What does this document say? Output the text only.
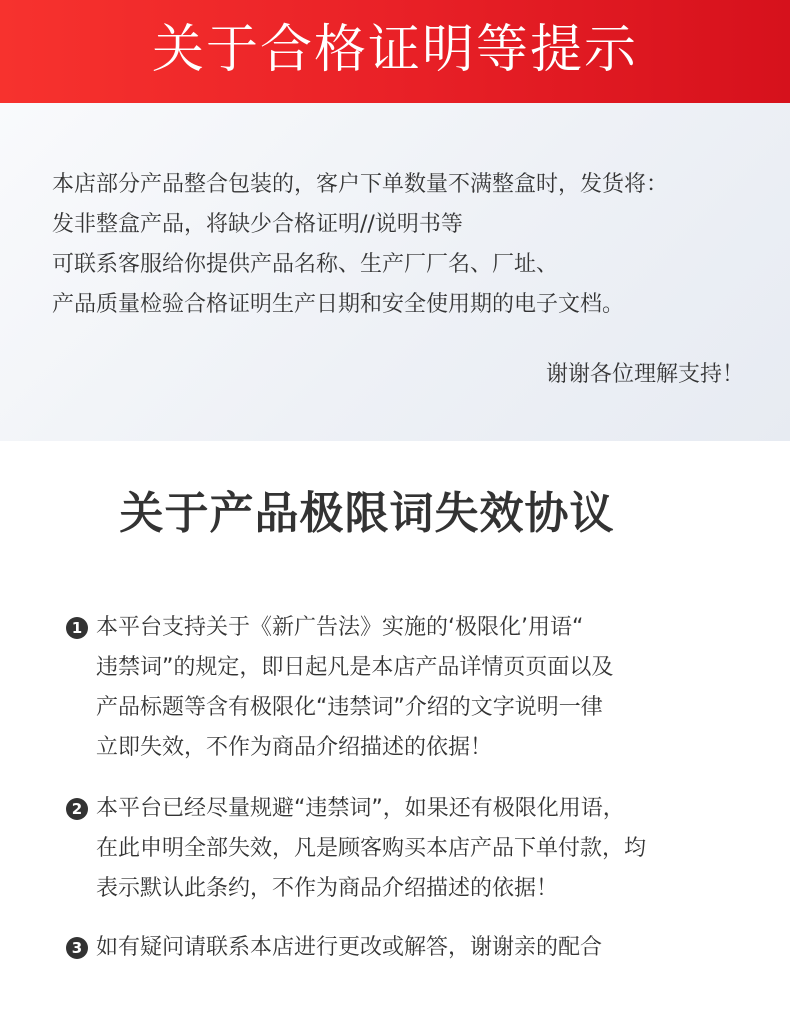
关于合格证明等提示
本店部分产品整合包装的，客户下单数量不满整盒时，发货将：
发非整盒产品，将缺少合格证明//说明书等
可联系客服给你提供产品名称、生产厂厂名、厂址、
产品质量检验合格证明生产日期和安全使用期的电子文档。
谢谢各位理解支持！
关于产品极限词失效协议
1 本平台支持关于《新广告法》实施的‘极限化’用语“
违禁词”的规定，即日起凡是本店产品详情页页面以及
产品标题等含有极限化“违禁词”介绍的文字说明一律
立即失效，不作为商品介绍描述的依据！
2 本平台已经尽量规避“违禁词”，如果还有极限化用语，
在此申明全部失效，凡是顾客购买本店产品下单付款，均
表示默认此条约，不作为商品介绍描述的依据！
3 如有疑问请联系本店进行更改或解答，谢谢亲的配合
